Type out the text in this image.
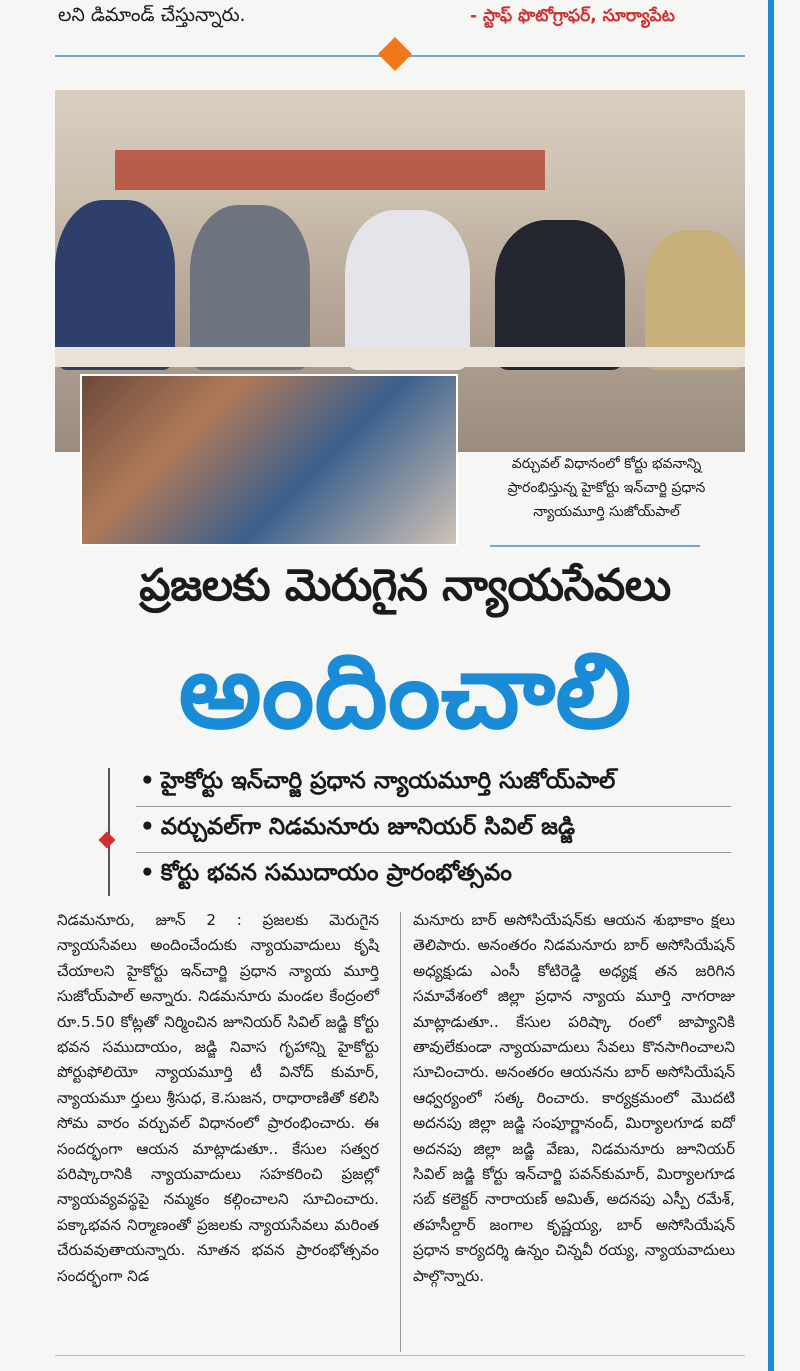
లని డిమాండ్ చేస్తున్నారు.	- స్టాఫ్ ఫొటోగ్రాఫర్, సూర్యాపేట
వర్చువల్ విధానంలో కోర్టు భవనాన్ని
ప్రారంభిస్తున్న హైకోర్టు ఇన్‌చార్జి ప్రధాన
న్యాయమూర్తి సుజోయ్‌పాల్
ప్రజలకు మెరుగైన న్యాయసేవలు
అందించాలి
• హైకోర్టు ఇన్‌చార్జి ప్రధాన న్యాయమూర్తి సుజోయ్‌పాల్
• వర్చువల్‌గా నిడమనూరు జూనియర్ సివిల్ జడ్జి
• కోర్టు భవన సముదాయం ప్రారంభోత్సవం
నిడమనూరు, జూన్ 2 : ప్రజలకు మెరుగైన న్యాయసేవలు అందించేందుకు న్యాయవాదులు కృషి చేయాలని హైకోర్టు ఇన్‌చార్జి ప్రధాన న్యాయ మూర్తి సుజోయ్‌పాల్ అన్నారు. నిడమనూరు మండల కేంద్రంలో రూ.5.50 కోట్లతో నిర్మించిన జూనియర్ సివిల్ జడ్జి కోర్టు భవన సముదాయం, జడ్జి నివాస గృహాన్ని హైకోర్టు పోర్టుఫోలియో న్యాయమూర్తి టీ వినోద్ కుమార్, న్యాయమూ ర్తులు శ్రీసుధ, కె.సుజన, రాధారాణితో కలిసి సోమ వారం వర్చువల్ విధానంలో ప్రారంభించారు. ఈ సందర్భంగా ఆయన మాట్లాడుతూ.. కేసుల సత్వర పరిష్కారానికి న్యాయవాదులు సహకరించి ప్రజల్లో న్యాయవ్యవస్థపై నమ్మకం కల్గించాలని సూచించారు. పక్కాభవన నిర్మాణంతో ప్రజలకు న్యాయసేవలు మరింత చేరువవుతాయన్నారు. నూతన భవన ప్రారంభోత్సవం సందర్భంగా నిడ
మనూరు బార్ అసోసియేషన్‌కు ఆయన శుభాకాం క్షలు తెలిపారు. అనంతరం నిడమనూరు బార్ అసోసియేషన్ అధ్యక్షుడు ఎంసీ కోటిరెడ్డి అధ్యక్ష తన జరిగిన సమావేశంలో జిల్లా ప్రధాన న్యాయ మూర్తి నాగరాజు మాట్లాడుతూ.. కేసుల పరిష్కా రంలో జాప్యానికి తావులేకుండా న్యాయవాదులు సేవలు కొనసాగించాలని సూచించారు. అనంతరం ఆయనను బార్ అసోసియేషన్ ఆధ్వర్యంలో సత్క రించారు. కార్యక్రమంలో మొదటి అదనపు జిల్లా జడ్జి సంపూర్ణానంద్, మిర్యాలగూడ ఐదో అదనపు జిల్లా జడ్జి వేణు, నిడమనూరు జూనియర్ సివిల్ జడ్జి కోర్టు ఇన్‌చార్జి పవన్‌కుమార్, మిర్యాలగూడ సబ్ కలెక్టర్ నారాయణ్ అమిత్, అదనపు ఎస్పీ రమేశ్, తహసీల్దార్ జంగాల కృష్ణయ్య, బార్ అసోసియేషన్ ప్రధాన కార్యదర్శి ఉన్నం చిన్నవీ రయ్య, న్యాయవాదులు పాల్గొన్నారు.
